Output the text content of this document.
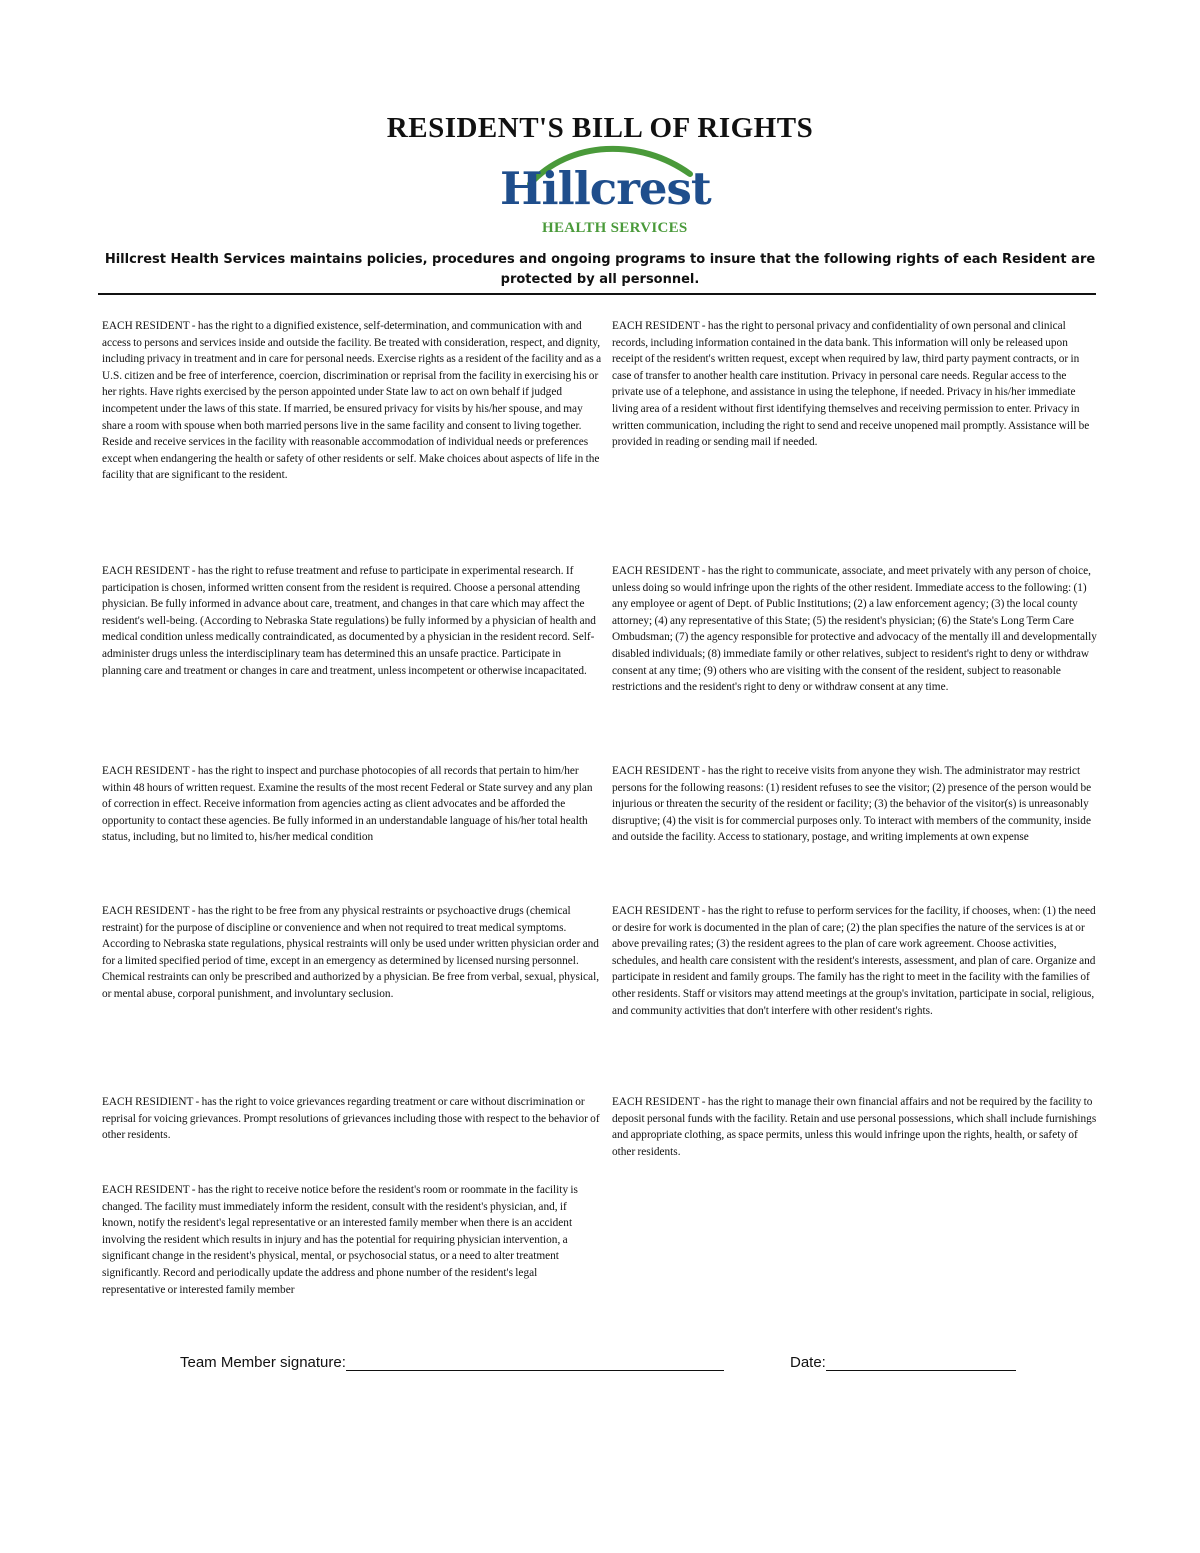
RESIDENT'S BILL OF RIGHTS
Hillcrest
HEALTH SERVICES
Hillcrest Health Services maintains policies, procedures and ongoing programs to insure that the following rights of each Resident are protected by all personnel.
EACH RESIDENT - has the right to a dignified existence, self-determination, and communication with and access to persons and services inside and outside the facility. Be treated with consideration, respect, and dignity, including privacy in treatment and in care for personal needs. Exercise rights as a resident of the facility and as a U.S. citizen and be free of interference, coercion, discrimination or reprisal from the facility in exercising his or her rights. Have rights exercised by the person appointed under State law to act on own behalf if judged incompetent under the laws of this state. If married, be ensured privacy for visits by his/her spouse, and may share a room with spouse when both married persons live in the same facility and consent to living together. Reside and receive services in the facility with reasonable accommodation of individual needs or preferences except when endangering the health or safety of other residents or self. Make choices about aspects of life in the facility that are significant to the resident.
EACH RESIDENT - has the right to refuse treatment and refuse to participate in experimental research. If participation is chosen, informed written consent from the resident is required. Choose a personal attending physician. Be fully informed in advance about care, treatment, and changes in that care which may affect the resident's well-being. (According to Nebraska State regulations) be fully informed by a physician of health and medical condition unless medically contraindicated, as documented by a physician in the resident record. Self-administer drugs unless the interdisciplinary team has determined this an unsafe practice. Participate in planning care and treatment or changes in care and treatment, unless incompetent or otherwise incapacitated.
EACH RESIDENT - has the right to inspect and purchase photocopies of all records that pertain to him/her within 48 hours of written request. Examine the results of the most recent Federal or State survey and any plan of correction in effect. Receive information from agencies acting as client advocates and be afforded the opportunity to contact these agencies. Be fully informed in an understandable language of his/her total health status, including, but no limited to, his/her medical condition
EACH RESIDENT - has the right to be free from any physical restraints or psychoactive drugs (chemical restraint) for the purpose of discipline or convenience and when not required to treat medical symptoms. According to Nebraska state regulations, physical restraints will only be used under written physician order and for a limited specified period of time, except in an emergency as determined by licensed nursing personnel. Chemical restraints can only be prescribed and authorized by a physician. Be free from verbal, sexual, physical, or mental abuse, corporal punishment, and involuntary seclusion.
EACH RESIDIENT - has the right to voice grievances regarding treatment or care without discrimination or reprisal for voicing grievances. Prompt resolutions of grievances including those with respect to the behavior of other residents.
EACH RESIDENT - has the right to receive notice before the resident's room or roommate in the facility is changed. The facility must immediately inform the resident, consult with the resident's physician, and, if known, notify the resident's legal representative or an interested family member when there is an accident involving the resident which results in injury and has the potential for requiring physician intervention, a significant change in the resident's physical, mental, or psychosocial status, or a need to alter treatment significantly. Record and periodically update the address and phone number of the resident's legal representative or interested family member
EACH RESIDENT - has the right to personal privacy and confidentiality of own personal and clinical records, including information contained in the data bank. This information will only be released upon receipt of the resident's written request, except when required by law, third party payment contracts, or in case of transfer to another health care institution. Privacy in personal care needs. Regular access to the private use of a telephone, and assistance in using the telephone, if needed. Privacy in his/her immediate living area of a resident without first identifying themselves and receiving permission to enter. Privacy in written communication, including the right to send and receive unopened mail promptly. Assistance will be provided in reading or sending mail if needed.
EACH RESIDENT - has the right to communicate, associate, and meet privately with any person of choice, unless doing so would infringe upon the rights of the other resident. Immediate access to the following: (1) any employee or agent of Dept. of Public Institutions; (2) a law enforcement agency; (3) the local county attorney; (4) any representative of this State; (5) the resident's physician; (6) the State's Long Term Care Ombudsman; (7) the agency responsible for protective and advocacy of the mentally ill and developmentally disabled individuals; (8) immediate family or other relatives, subject to resident's right to deny or withdraw consent at any time; (9) others who are visiting with the consent of the resident, subject to reasonable restrictions and the resident's right to deny or withdraw consent at any time.
EACH RESIDENT - has the right to receive visits from anyone they wish. The administrator may restrict persons for the following reasons: (1) resident refuses to see the visitor; (2) presence of the person would be injurious or threaten the security of the resident or facility; (3) the behavior of the visitor(s) is unreasonably disruptive; (4) the visit is for commercial purposes only. To interact with members of the community, inside and outside the facility. Access to stationary, postage, and writing implements at own expense
EACH RESIDENT - has the right to refuse to perform services for the facility, if chooses, when: (1) the need or desire for work is documented in the plan of care; (2) the plan specifies the nature of the services is at or above prevailing rates; (3) the resident agrees to the plan of care work agreement. Choose activities, schedules, and health care consistent with the resident's interests, assessment, and plan of care. Organize and participate in resident and family groups. The family has the right to meet in the facility with the families of other residents. Staff or visitors may attend meetings at the group's invitation, participate in social, religious, and community activities that don't interfere with other resident's rights.
EACH RESIDENT - has the right to manage their own financial affairs and not be required by the facility to deposit personal funds with the facility. Retain and use personal possessions, which shall include furnishings and appropriate clothing, as space permits, unless this would infringe upon the rights, health, or safety of other residents.
Team Member signature:	Date:
